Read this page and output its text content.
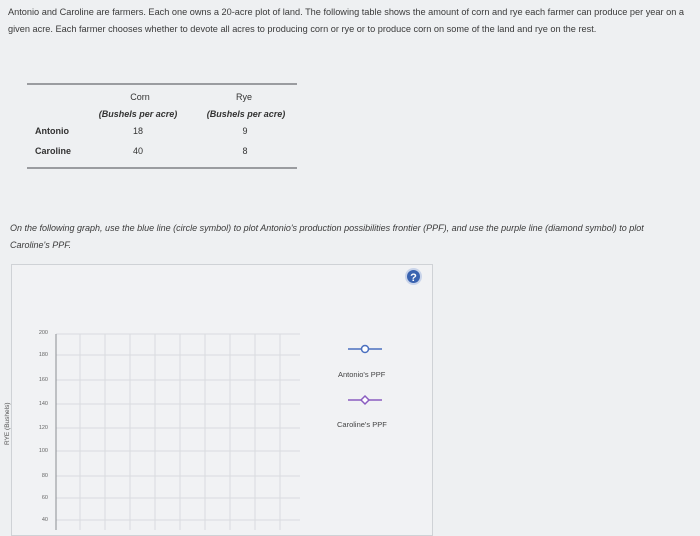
Antonio and Caroline are farmers. Each one owns a 20-acre plot of land. The following table shows the amount of corn and rye each farmer can produce per year on a given acre. Each farmer chooses whether to devote all acres to producing corn or rye or to produce corn on some of the land and rye on the rest.
Corn
(Bushels per acre)
Rye
(Bushels per acre)
Antonio	18	9
Caroline	40	8
On the following graph, use the blue line (circle symbol) to plot Antonio's production possibilities frontier (PPF), and use the purple line (diamond symbol) to plot Caroline's PPF.
?
200
180
160
140
120
100
80
60
40
RYE (Bushels)
Antonio's PPF
Caroline's PPF
